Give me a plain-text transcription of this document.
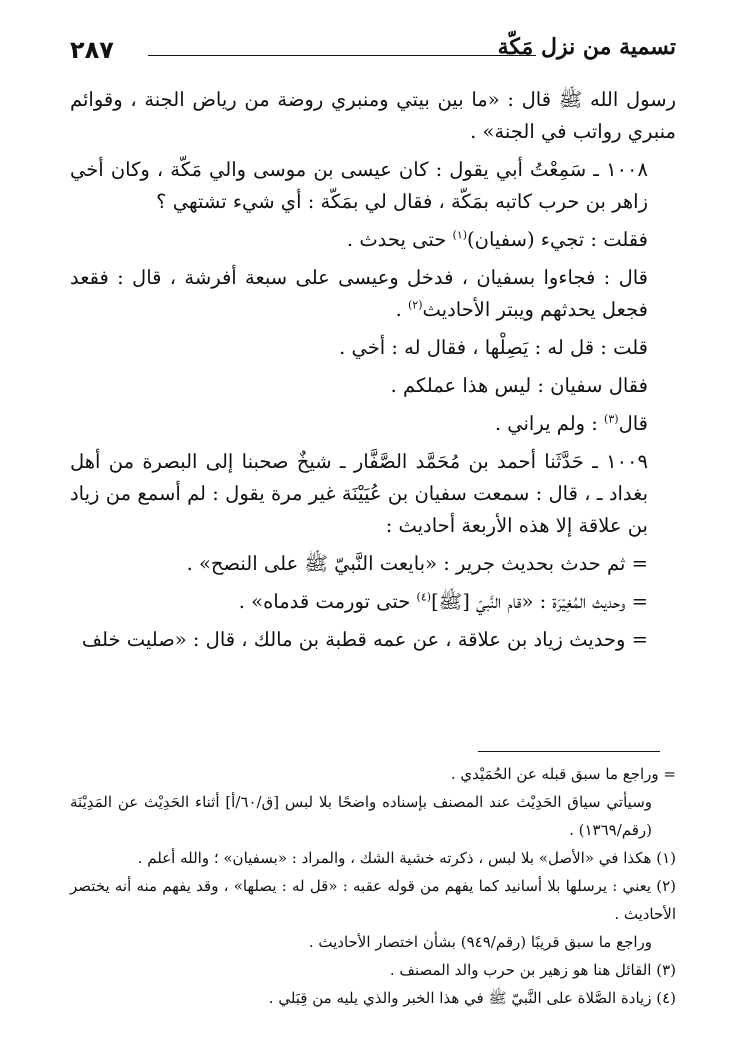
٢٨٧	تسمية من نزل مَكّة

رسول الله ﷺ قال : «ما بين بيتي ومنبري روضة من رياض الجنة ، وقوائم منبري رواتب في الجنة» .

١٠٠٨ ـ سَمِعْتُ أبي يقول : كان عيسى بن موسى والي مَكّة ، وكان أخي زاهر بن حرب كاتبه بمَكّة ، فقال لي بمَكّة : أي شيء تشتهي ؟

فقلت : تجيء (سفيان)$^{(١)}$ حتى يحدث .

قال : فجاءوا بسفيان ، فدخل وعيسى على سبعة أفرشة ، قال : فقعد فجعل يحدثهم ويبتر الأحاديث$^{(٢)}$ .

قلت : قل له : يَصِلْها ، فقال له : أخي .

فقال سفيان : ليس هذا عملكم .

قال$^{(٣)}$ : ولم يراني .

١٠٠٩ ـ حَدَّثَنا أحمد بن مُحَمَّد الصَّفَّار ـ شيخٌ صحبنا إلى البصرة من أهل بغداد ـ ، قال : سمعت سفيان بن عُيَيْنَة غير مرة يقول : لم أسمع من زياد بن علاقة إلا هذه الأربعة أحاديث :

= ثم حدث بحديث جرير : «بايعت النَّبيّ ﷺ على النصح» .

= وحديث المُغِيْرَة : «قام النَّبيّ [ﷺ]$^{(٤)}$ حتى تورمت قدماه» .

= وحديث زياد بن علاقة ، عن عمه قطبة بن مالك ، قال : «صليت خلف

= وراجع ما سبق قبله عن الحُمَيْدي .

وسيأتي سياق الحَدِيْث عند المصنف بإسناده واضحًا بلا لبس [ق/٦٠/أ] أثناء الحَدِيْث عن المَدِيْنَة (رقم/١٣٦٩) .

(١) هكذا في «الأصل» بلا لبس ، ذكرته خشية الشك ، والمراد : «بسفيان» ؛ والله أعلم .

(٢) يعني : يرسلها بلا أسانيد كما يفهم من قوله عقبه : «قل له : يصلها» ، وقد يفهم منه أنه يختصر الأحاديث .

وراجع ما سبق قريبًا (رقم/٩٤٩) بشأن اختصار الأحاديث .

(٣) القائل هنا هو زهير بن حرب والد المصنف .

(٤) زيادة الصَّلاة على النَّبيّ ﷺ في هذا الخبر والذي يليه من قِبَلي .
